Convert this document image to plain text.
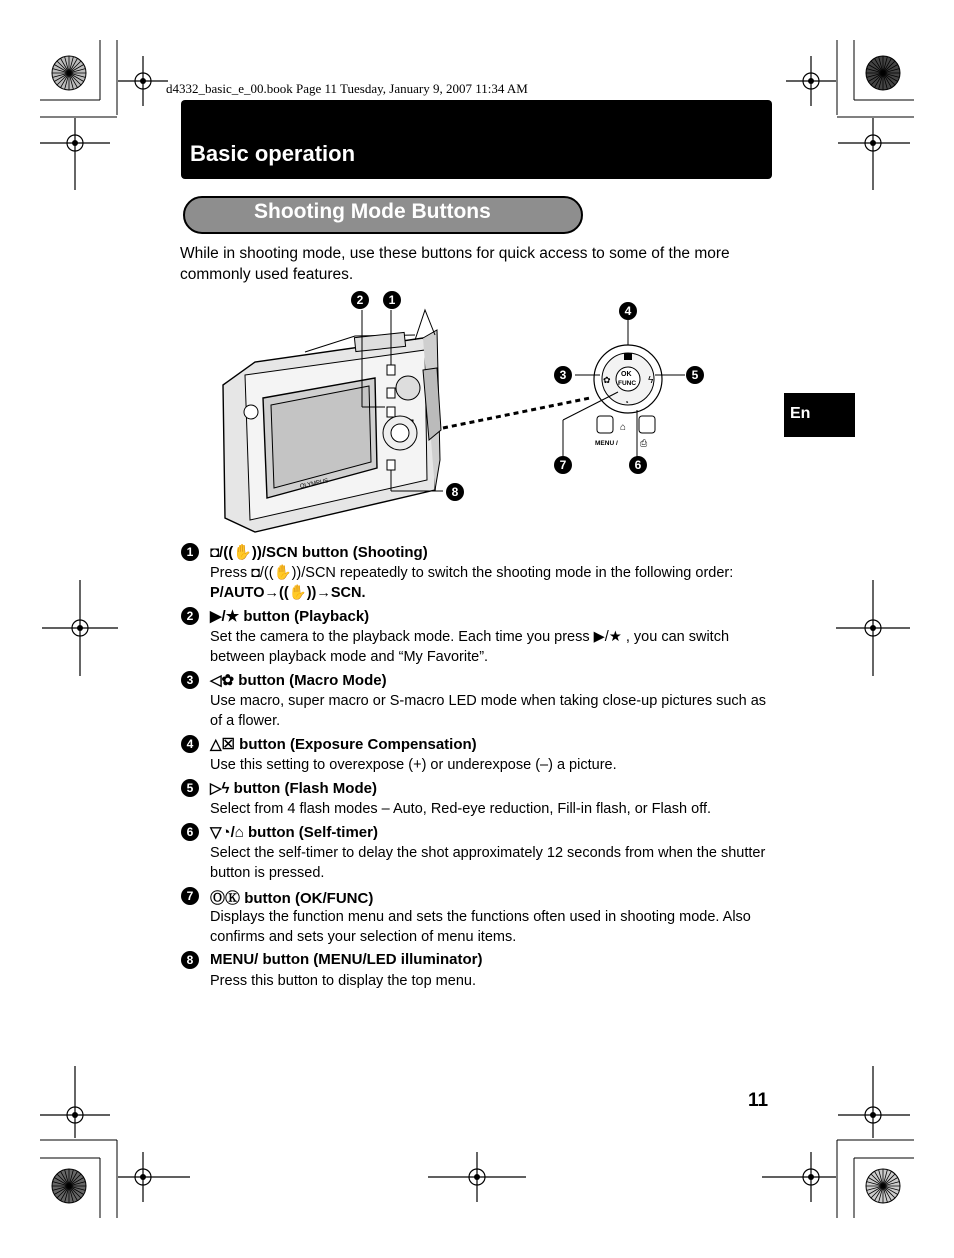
d4332_basic_e_00.book Page 11 Tuesday, January 9, 2007 11:34 AM
Basic operation
Shooting Mode Buttons
While in shooting mode, use these buttons for quick access to some of the more commonly used features.
En
OLYMPUS
OK
FUNC
✿	ϟ
◔
⌂
⎙
MENU /
2	1
4
3	5
7	6
8
1	◘/((✋))/SCN button (Shooting)
Press ◘/((✋))/SCN repeatedly to switch the shooting mode in the following order:
P/AUTO→((✋))→SCN.
2	▶/★ button (Playback)
Set the camera to the playback mode. Each time you press ▶/★ , you can switch between playback mode and “My Favorite”.
3	◁✿ button (Macro Mode)
Use macro, super macro or S-macro LED mode when taking close-up pictures such as of a flower.
4	△☒ button (Exposure Compensation)
Use this setting to overexpose (+) or underexpose (–) a picture.
5	▷ϟ button (Flash Mode)
Select from 4 flash modes – Auto, Red-eye reduction, Fill-in flash, or Flash off.
6	▽◔/⌂ button (Self-timer)
Select the self-timer to delay the shot approximately 12 seconds from when the shutter button is pressed.
7	ⓄⓀ button (OK/FUNC)
Displays the function menu and sets the functions often used in shooting mode. Also confirms and sets your selection of menu items.
8	MENU/ button (MENU/LED illuminator)
Press this button to display the top menu.
11
